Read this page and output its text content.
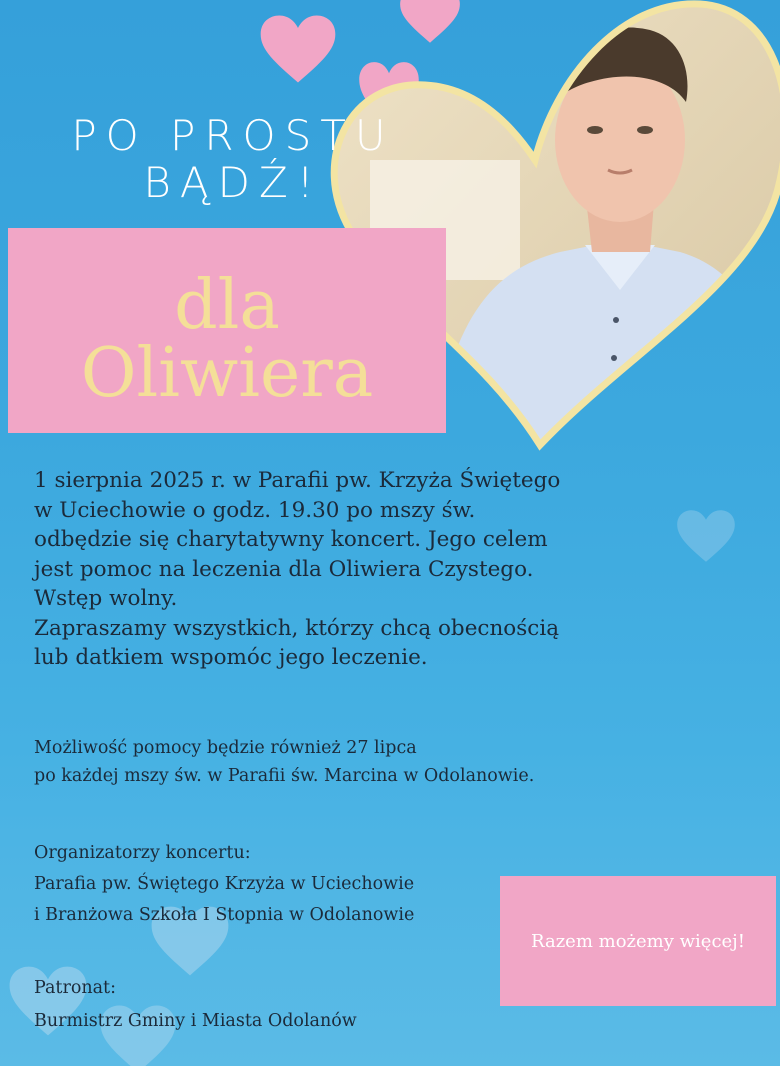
PO PROSTU
BĄDŹ!
dla
Oliwiera

1 sierpnia 2025 r. w Parafii pw. Krzyża Świętego

w Uciechowie o godz. 19.30 po mszy św.

odbędzie się charytatywny koncert. Jego celem

jest pomoc na leczenia dla Oliwiera Czystego.

Wstęp wolny.

Zapraszamy wszystkich, którzy chcą obecnością

lub datkiem wspomóc jego leczenie.

Możliwość pomocy będzie również 27 lipca

po każdej mszy św. w Parafii św. Marcina w Odolanowie.

Organizatorzy koncertu:

Parafia pw. Świętego Krzyża w Uciechowie

i Branżowa Szkoła I Stopnia w Odolanowie

Patronat:

Burmistrz Gminy i Miasta Odolanów

Razem możemy więcej!
